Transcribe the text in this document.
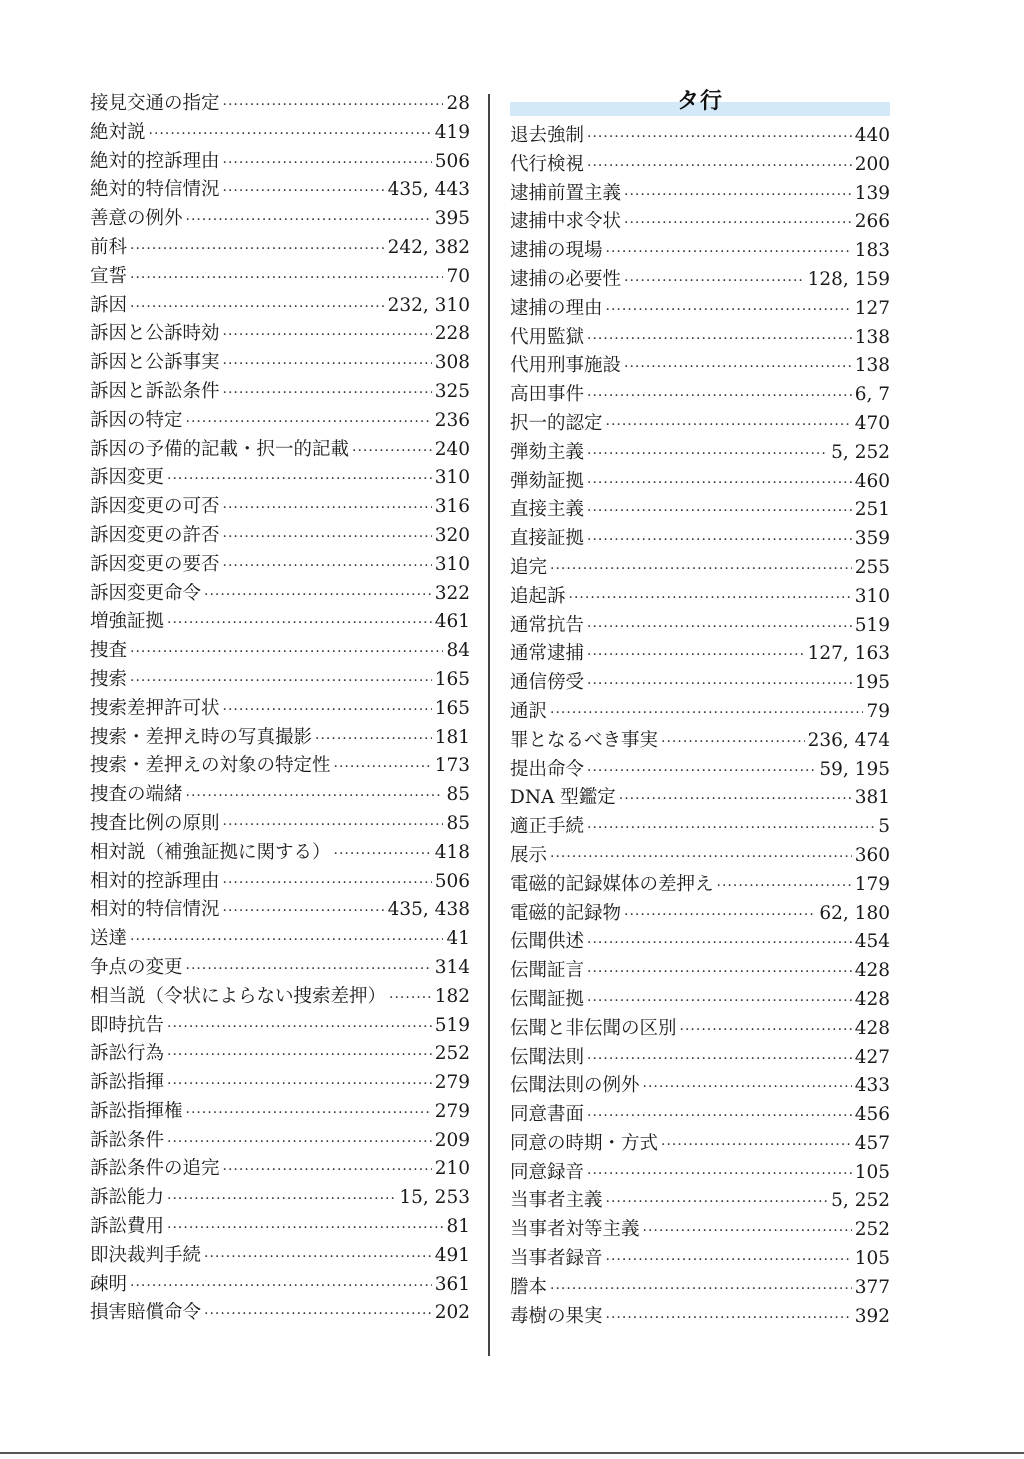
接見交通の指定 ·····	28
絶対説 ·····	419
絶対的控訴理由 ·····	506
絶対的特信情況 ·····	435, 443
善意の例外 ·····	395
前科 ·····	242, 382
宣誓 ·····	70
訴因 ·····	232, 310
訴因と公訴時効 ·····	228
訴因と公訴事実 ·····	308
訴因と訴訟条件 ·····	325
訴因の特定 ·····	236
訴因の予備的記載・択一的記載 ·····	240
訴因変更 ·····	310
訴因変更の可否 ·····	316
訴因変更の許否 ·····	320
訴因変更の要否 ·····	310
訴因変更命令 ·····	322
増強証拠 ·····	461
捜査 ·····	84
捜索 ·····	165
捜索差押許可状 ·····	165
捜索・差押え時の写真撮影 ·····	181
捜索・差押えの対象の特定性 ·····	173
捜査の端緒 ·····	85
捜査比例の原則 ·····	85
相対説（補強証拠に関する） ·····	418
相対的控訴理由 ·····	506
相対的特信情況 ·····	435, 438
送達 ·····	41
争点の変更 ·····	314
相当説（令状によらない捜索差押） ·····	182
即時抗告 ·····	519
訴訟行為 ·····	252
訴訟指揮 ·····	279
訴訟指揮権 ·····	279
訴訟条件 ·····	209
訴訟条件の追完 ·····	210
訴訟能力 ·····	15, 253
訴訟費用 ·····	81
即決裁判手続 ·····	491
疎明 ·····	361
損害賠償命令 ·····	202
タ行
退去強制 ·····	440
代行検視 ·····	200
逮捕前置主義 ·····	139
逮捕中求令状 ·····	266
逮捕の現場 ·····	183
逮捕の必要性 ·····	128, 159
逮捕の理由 ·····	127
代用監獄 ·····	138
代用刑事施設 ·····	138
高田事件 ·····	6, 7
択一的認定 ·····	470
弾劾主義 ·····	5, 252
弾劾証拠 ·····	460
直接主義 ·····	251
直接証拠 ·····	359
追完 ·····	255
追起訴 ·····	310
通常抗告 ·····	519
通常逮捕 ·····	127, 163
通信傍受 ·····	195
通訳 ·····	79
罪となるべき事実 ·····	236, 474
提出命令 ·····	59, 195
DNA 型鑑定 ·····	381
適正手続 ·····	5
展示 ·····	360
電磁的記録媒体の差押え ·····	179
電磁的記録物 ·····	62, 180
伝聞供述 ·····	454
伝聞証言 ·····	428
伝聞証拠 ·····	428
伝聞と非伝聞の区別 ·····	428
伝聞法則 ·····	427
伝聞法則の例外 ·····	433
同意書面 ·····	456
同意の時期・方式 ·····	457
同意録音 ·····	105
当事者主義 ·····	5, 252
当事者対等主義 ·····	252
当事者録音 ·····	105
謄本 ·····	377
毒樹の果実 ·····	392
